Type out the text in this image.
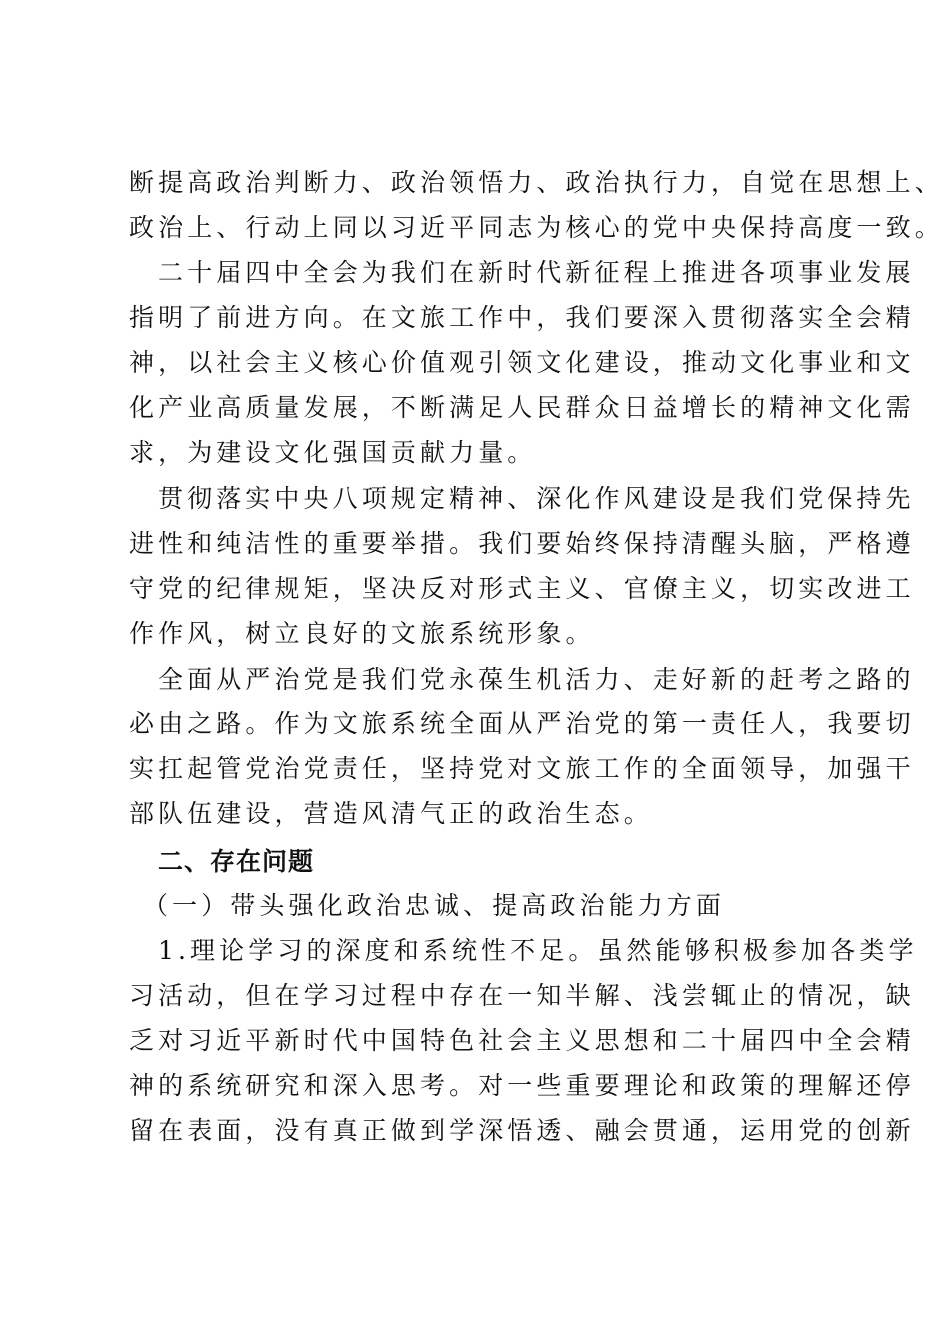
断提高政治判断力、政治领悟力、政治执行力，自觉在思想上、
政治上、行动上同以习近平同志为核心的党中央保持高度一致。
二十届四中全会为我们在新时代新征程上推进各项事业发展
指明了前进方向。在文旅工作中，我们要深入贯彻落实全会精
神，以社会主义核心价值观引领文化建设，推动文化事业和文
化产业高质量发展，不断满足人民群众日益增长的精神文化需
求，为建设文化强国贡献力量。
贯彻落实中央八项规定精神、深化作风建设是我们党保持先
进性和纯洁性的重要举措。我们要始终保持清醒头脑，严格遵
守党的纪律规矩，坚决反对形式主义、官僚主义，切实改进工
作作风，树立良好的文旅系统形象。
全面从严治党是我们党永葆生机活力、走好新的赶考之路的
必由之路。作为文旅系统全面从严治党的第一责任人，我要切
实扛起管党治党责任，坚持党对文旅工作的全面领导，加强干
部队伍建设，营造风清气正的政治生态。
二、存在问题
（一）带头强化政治忠诚、提高政治能力方面
1.理论学习的深度和系统性不足。虽然能够积极参加各类学
习活动，但在学习过程中存在一知半解、浅尝辄止的情况，缺
乏对习近平新时代中国特色社会主义思想和二十届四中全会精
神的系统研究和深入思考。对一些重要理论和政策的理解还停
留在表面，没有真正做到学深悟透、融会贯通，运用党的创新
